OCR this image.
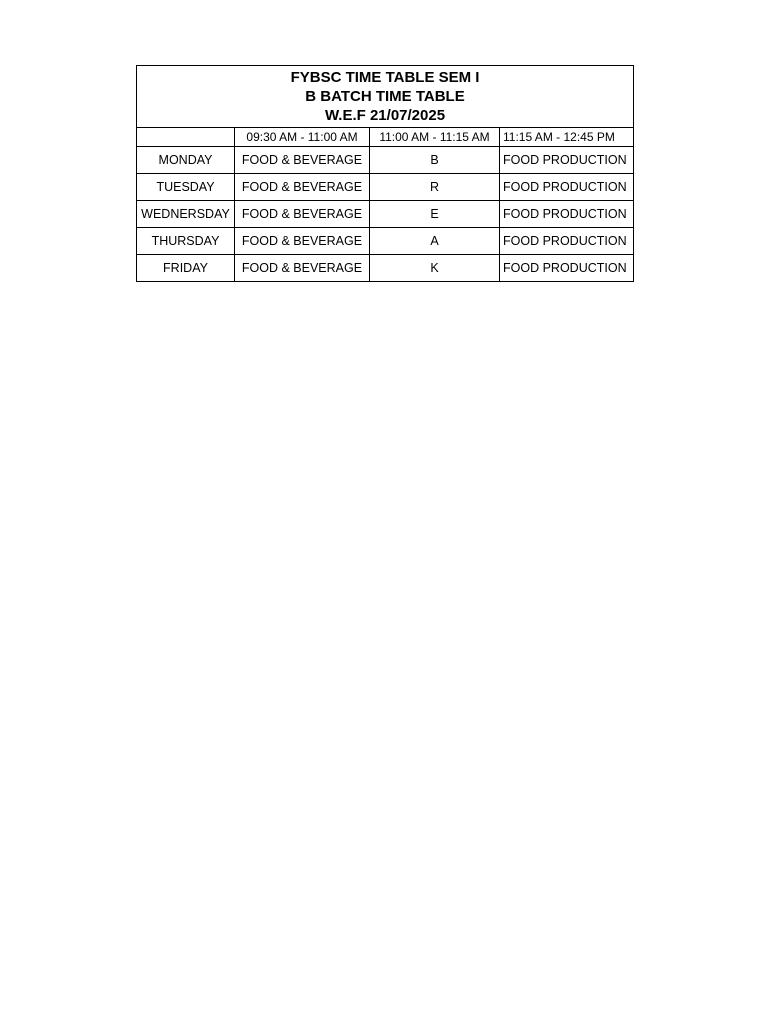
FYBSC TIME TABLE SEM I
B BATCH TIME TABLE
W.E.F 21/07/2025			

	09:30 AM - 11:00 AM	11:00 AM - 11:15 AM	11:15 AM - 12:45 PM
MONDAY	FOOD & BEVERAGE	B	FOOD PRODUCTION
TUESDAY	FOOD & BEVERAGE	R	FOOD PRODUCTION
WEDNERSDAY	FOOD & BEVERAGE	E	FOOD PRODUCTION
THURSDAY	FOOD & BEVERAGE	A	FOOD PRODUCTION
FRIDAY	FOOD & BEVERAGE	K	FOOD PRODUCTION
